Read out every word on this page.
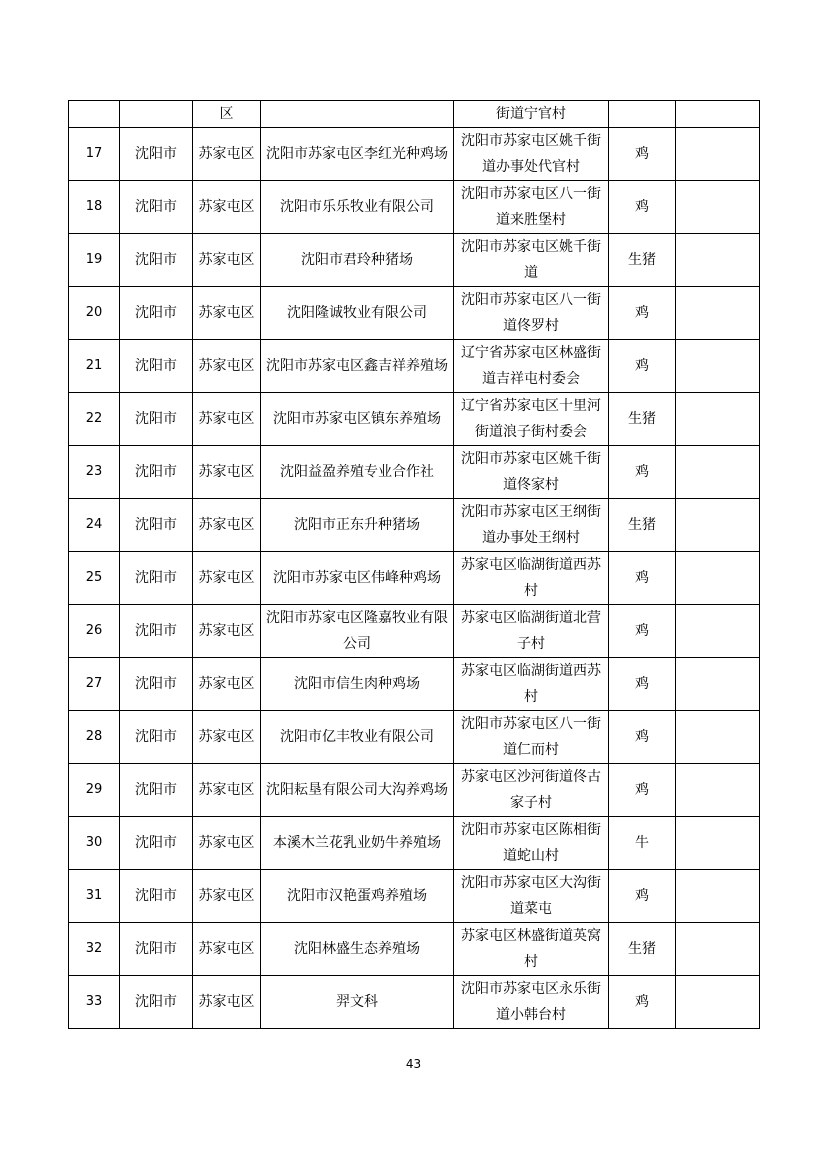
		区		街道宁官村		
17	沈阳市	苏家屯区	沈阳市苏家屯区李红光种鸡场	沈阳市苏家屯区姚千街道办事处代官村	鸡	
18	沈阳市	苏家屯区	沈阳市乐乐牧业有限公司	沈阳市苏家屯区八一街道来胜堡村	鸡	
19	沈阳市	苏家屯区	沈阳市君玲种猪场	沈阳市苏家屯区姚千街道	生猪	
20	沈阳市	苏家屯区	沈阳隆诚牧业有限公司	沈阳市苏家屯区八一街道佟罗村	鸡	
21	沈阳市	苏家屯区	沈阳市苏家屯区鑫吉祥养殖场	辽宁省苏家屯区林盛街道吉祥屯村委会	鸡	
22	沈阳市	苏家屯区	沈阳市苏家屯区镇东养殖场	辽宁省苏家屯区十里河街道浪子街村委会	生猪	
23	沈阳市	苏家屯区	沈阳益盈养殖专业合作社	沈阳市苏家屯区姚千街道佟家村	鸡	
24	沈阳市	苏家屯区	沈阳市正东升种猪场	沈阳市苏家屯区王纲街道办事处王纲村	生猪	
25	沈阳市	苏家屯区	沈阳市苏家屯区伟峰种鸡场	苏家屯区临湖街道西苏村	鸡	
26	沈阳市	苏家屯区	沈阳市苏家屯区隆嘉牧业有限公司	苏家屯区临湖街道北营子村	鸡	
27	沈阳市	苏家屯区	沈阳市信生肉种鸡场	苏家屯区临湖街道西苏村	鸡	
28	沈阳市	苏家屯区	沈阳市亿丰牧业有限公司	沈阳市苏家屯区八一街道仁而村	鸡	
29	沈阳市	苏家屯区	沈阳耘垦有限公司大沟养鸡场	苏家屯区沙河街道佟古家子村	鸡	
30	沈阳市	苏家屯区	本溪木兰花乳业奶牛养殖场	沈阳市苏家屯区陈相街道蛇山村	牛	
31	沈阳市	苏家屯区	沈阳市汉艳蛋鸡养殖场	沈阳市苏家屯区大沟街道菜屯	鸡	
32	沈阳市	苏家屯区	沈阳林盛生态养殖场	苏家屯区林盛街道英窝村	生猪	
33	沈阳市	苏家屯区	羿文科	沈阳市苏家屯区永乐街道小韩台村	鸡	
43
